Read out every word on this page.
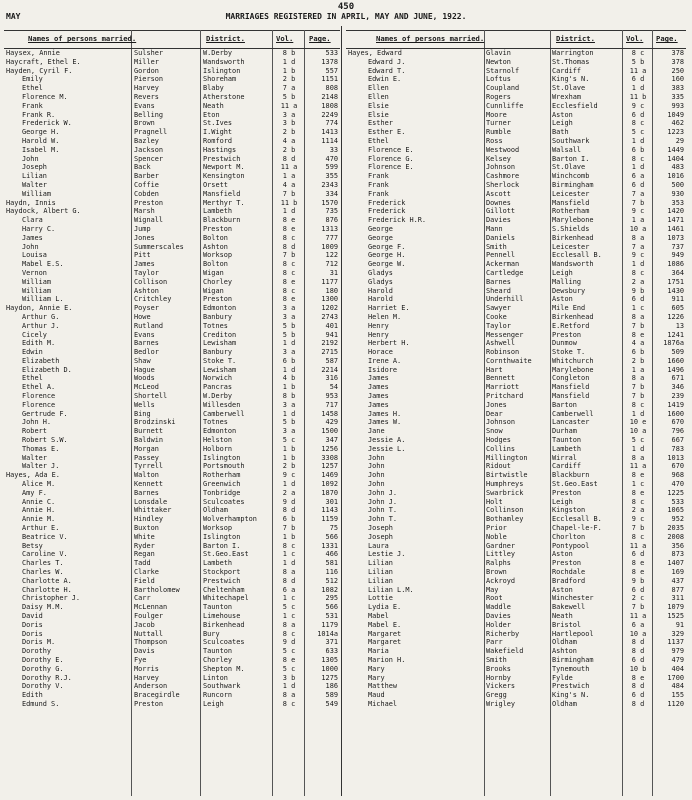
450
MAY	MARRIAGES REGISTERED IN APRIL, MAY AND JUNE, 1922.
Names of persons married.	District.	Vol. Page.
Haysex, Annie	Sulsher	W.Derby	8 b	533
Haycraft, Ethel E.	Miller	Wandsworth	1 d	1378
Hayden, Cyril F.	Gordon	Islington	1 b	557
Emily	Pierson	Shoreham	2 b	1151
Ethel	Harvey	Blaby	7 a	808
Florence M.	Revers	Atherstone	5 b	2148
Frank	Evans	Neath	11 a	1808
Frank R.	Belling	Eton	3 a	2249
Frederick W.	Brown	St.Ives	3 b	774
George H.	Pragnell	I.Wight	2 b	1413
Harold W.	Bazley	Romford	4 a	1114
Isabel M.	Jackson	Hastings	2 b	33
John	Spencer	Prestwich	8 d	470
Joseph	Back	Newport M.	11 a	599
Lilian	Barber	Kensington	1 a	355
Walter	Coffie	Orsett	4 a	2343
William	Cobden	Mansfield	7 b	334
Haydn, Innis	Preston	Merthyr T.	11 b	1570
Haydock, Albert G.	Marsh	Lambeth	1 d	735
Clara	Wignall	Blackburn	8 e	876
Harry C.	Jump	Preston	8 e	1313
James	Jones	Bolton	8 c	777
John	Summerscales	Ashton	8 d	1009
Louisa	Pitt	Worksop	7 b	122
Mabel E.S.	James	Bolton	8 c	712
Vernon	Taylor	Wigan	8 c	31
William	Collison	Chorley	8 e	1177
William	Ashton	Wigan	8 c	180
William L.	Critchley	Preston	8 e	1300
Haydon, Annie E.	Poyser	Edmonton	3 a	1202
Arthur G.	Howe	Banbury	3 a	2743
Arthur J.	Rutland	Totnes	5 b	401
Cicely	Evans	Crediton	5 b	941
Edith M.	Barnes	Lewisham	1 d	2192
Edwin	Bedlor	Banbury	3 a	2715
Elizabeth	Shaw	Stoke T.	6 b	587
Elizabeth D.	Hague	Lewisham	1 d	2214
Ethel	Woods	Norwich	4 b	316
Ethel A.	McLeod	Pancras	1 b	54
Florence	Shortell	W.Derby	8 b	953
Florence	Wells	Willesden	3 a	717
Gertrude F.	Bing	Camberwell	1 d	1458
John H.	Brodzinski	Totnes	5 b	429
Robert	Burnett	Edmonton	3 a	1500
Robert S.W.	Baldwin	Helston	5 c	347
Thomas E.	Morgan	Holborn	1 b	1256
Walter	Passey	Islington	1 b	3308
Walter J.	Tyrrell	Portsmouth	2 b	1257
Hayes, Ada E.	Walton	Rotherham	9 c	1469
Alice M.	Kennett	Greenwich	1 d	1092
Amy F.	Barnes	Tonbridge	2 a	1870
Annie C.	Lonsdale	Sculcoates	9 d	301
Annie H.	Whittaker	Oldham	8 d	1143
Annie M.	Hindley	Wolverhampton	6 b	1159
Arthur E.	Buxton	Worksop	7 b	75
Beatrice V.	White	Islington	1 b	566
Betsy	Ryder	Barton I.	8 c	1331
Caroline V.	Regan	St.Geo.East	1 c	466
Charles T.	Tadd	Lambeth	1 d	581
Charles W.	Clarke	Stockport	8 a	116
Charlotte A.	Field	Prestwich	8 d	512
Charlotte H.	Bartholomew	Cheltenham	6 a	1082
Christopher J.	Carr	Whitechapel	1 c	295
Daisy M.M.	McLennan	Taunton	5 c	566
David	Foulger	Limehouse	1 c	531
Doris	Jacob	Birkenhead	8 a	1179
Doris	Nuttall	Bury	8 c	1014a
Doris M.	Thompson	Sculcoates	9 d	371
Dorothy	Davis	Taunton	5 c	633
Dorothy E.	Fye	Chorley	8 e	1305
Dorothy G.	Morris	Shepton M.	5 c	1000
Dorothy R.J.	Harvey	Linton	3 b	1275
Dorothy V.	Anderson	Southwark	1 d	186
Edith	Bracegirdle	Runcorn	8 a	589
Edmund S.	Preston	Leigh	8 c	549
Names of persons married.	District.	Vol. Page.
Hayes, Edward	Glavin	Warrington	8 c	378
Edward J.	Newton	St.Thomas	5 b	378
Edward T.	Starnolf	Cardiff	11 a	250
Edwin E.	Loftus	King's N.	6 d	160
Ellen	Coupland	St.Olave	1 d	383
Ellen	Rogers	Wrexham	11 b	335
Elsie	Cunnliffe	Ecclesfield	9 c	993
Elsie	Moore	Aston	6 d	1049
Esther	Turner	Leigh	8 c	462
Esther E.	Rumble	Bath	5 c	1223
Ethel	Ross	Southwark	1 d	29
Florence E.	Westwood	Walsall	6 b	1449
Florence G.	Kelsey	Barton I.	8 c	1404
Florence E.	Johnson	St.Olave	1 d	483
Frank	Cashmore	Winchcomb	6 a	1016
Frank	Sherlock	Birmingham	6 d	500
Frank	Ascott	Leicester	7 a	930
Frederick	Downes	Mansfield	7 b	353
Frederick	Gillott	Rotherham	9 c	1420
Frederick H.R.	Davies	Marylebone	1 a	1471
George	Mann	S.Shields	10 a	1461
George	Daniels	Birkenhead	8 a	1073
George F.	Smith	Leicester	7 a	737
George H.	Pennell	Ecclesall B.	9 c	949
George W.	Ackerman	Wandsworth	1 d	1086
Gladys	Cartledge	Leigh	8 c	364
Gladys	Barnes	Malling	2 a	1751
Harold	Sheard	Dewsbury	9 b	1430
Harold	Underhill	Aston	6 d	911
Harriet E.	Sawyer	Mile End	1 c	605
Helen M.	Cooke	Birkenhead	8 a	1226
Henry	Taylor	E.Retford	7 b	13
Henry	Messenger	Preston	8 e	1241
Herbert H.	Ashwell	Dunmow	4 a	1876a
Horace	Robinson	Stoke T.	6 b	509
Irene A.	Cornthwaite	Whitchurch	2 b	1660
Isidore	Hart	Marylebone	1 a	1496
James	Bennett	Congleton	8 a	671
James	Marriott	Mansfield	7 b	346
James	Pritchard	Mansfield	7 b	239
James	Jones	Barton	8 c	1419
James H.	Dear	Camberwell	1 d	1600
James W.	Johnson	Lancaster	10 e	670
Jane	Snow	Durham	10 a	796
Jessie A.	Hodges	Taunton	5 c	667
Jessie L.	Collins	Lambeth	1 d	783
John	Millington	Wirral	8 a	1013
John	Ridout	Cardiff	11 a	670
John	Birtwistle	Blackburn	8 e	968
John	Humphreys	St.Geo.East	1 c	470
John J.	Swarbrick	Preston	8 e	1225
John J.	Holt	Leigh	8 c	533
John T.	Collinson	Kingston	2 a	1065
John T.	Bothamley	Ecclesall B.	9 c	952
Joseph	Prior	Chapel-le-F.	7 b	2035
Joseph	Noble	Chorlton	8 c	2008
Laura	Gardner	Pontypool	11 a	356
Lestie J.	Littley	Aston	6 d	873
Lilian	Ralphs	Preston	8 e	1407
Lilian	Brown	Rochdale	8 e	169
Lilian	Ackroyd	Bradford	9 b	437
Lilian L.M.	May	Aston	6 d	877
Lottie	Root	Winchester	2 c	311
Lydia E.	Waddle	Bakewell	7 b	1079
Mabel	Davies	Neath	11 a	1525
Mabel E.	Holder	Bristol	6 a	91
Margaret	Richerby	Hartlepool	10 a	329
Margaret	Parr	Oldham	8 d	1137
Maria	Wakefield	Ashton	8 d	979
Marion H.	Smith	Birmingham	6 d	479
Mary	Brooks	Tynemouth	10 b	404
Mary	Hornby	Fylde	8 e	1700
Matthew	Vickers	Prestwich	8 d	484
Maud	Gregg	King's N.	6 d	155
Michael	Wrigley	Oldham	8 d	1120
